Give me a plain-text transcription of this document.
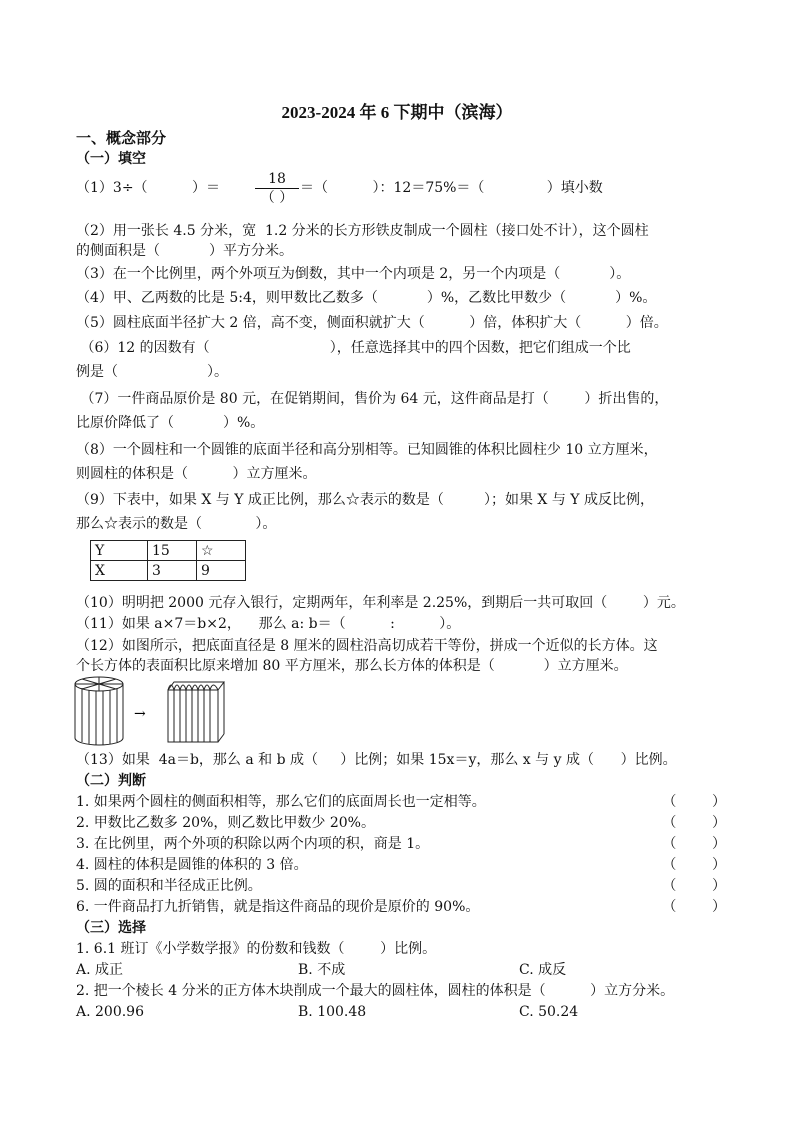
2023-2024 年 6 下期中（滨海）
一、概念部分
（一）填空
（1）3÷（          ）＝
18
（ ）
＝（          ）：12＝75%＝（              ）填小数
（2）用一张长 4.5 分米，宽  1.2 分米的长方形铁皮制成一个圆柱（接口处不计），这个圆柱
的侧面积是（           ）平方分米。
（3）在一个比例里，两个外项互为倒数，其中一个内项是 2，另一个内项是（           ）。
（4）甲、乙两数的比是 5:4，则甲数比乙数多（           ）%，乙数比甲数少（           ）%。
（5）圆柱底面半径扩大 2 倍，高不变，侧面积就扩大（          ）倍，体积扩大（          ）倍。
（6）12 的因数有（                           ），任意选择其中的四个因数，把它们组成一个比
例是（                    ）。
（7）一件商品原价是 80 元，在促销期间，售价为 64 元，这件商品是打（        ）折出售的，
比原价降低了（           ）%。
（8）一个圆柱和一个圆锥的底面半径和高分别相等。已知圆锥的体积比圆柱少 10 立方厘米，
则圆柱的体积是（          ）立方厘米。
（9）下表中，如果 X 与 Y 成正比例，那么☆表示的数是（         ）；如果 X 与 Y 成反比例，
那么☆表示的数是（            ）。
Y	15	☆
X	3	9
（10）明明把 2000 元存入银行，定期两年，年利率是 2.25%，到期后一共可取回（        ）元。
（11）如果 a×7＝b×2，    那么 a: b＝（          :          ）。
（12）如图所示，把底面直径是 8 厘米的圆柱沿高切成若干等份，拼成一个近似的长方体。这
个长方体的表面积比原来增加 80 平方厘米，那么长方体的体积是（           ）立方厘米。
→
（13）如果  4a＝b，那么 a 和 b 成（     ）比例；如果 15x＝y，那么 x 与 y 成（      ）比例。
（二）判断
1. 如果两个圆柱的侧面积相等，那么它们的底面周长也一定相等。	（        ）
2. 甲数比乙数多 20%，则乙数比甲数少 20%。	（        ）
3. 在比例里，两个外项的积除以两个内项的积，商是 1。	（        ）
4. 圆柱的体积是圆锥的体积的 3 倍。	（        ）
5. 圆的面积和半径成正比例。	（        ）
6. 一件商品打九折销售，就是指这件商品的现价是原价的 90%。	（        ）
（三）选择
1. 6.1 班订《小学数学报》的份数和钱数（        ）比例。
A. 成正	B. 不成	C. 成反
2. 把一个棱长 4 分米的正方体木块削成一个最大的圆柱体，圆柱的体积是（          ）立方分米。
A. 200.96	B. 100.48	C. 50.24
